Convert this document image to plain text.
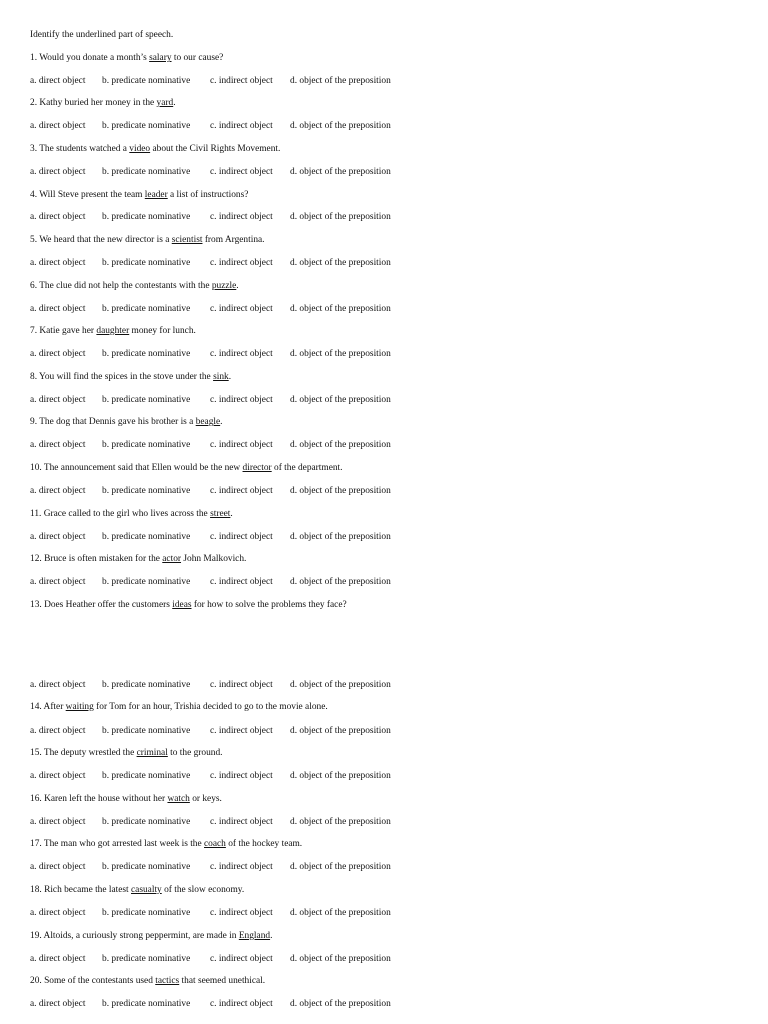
Identify the underlined part of speech.
1. Would you donate a month’s salary to our cause?
a. direct object b. predicate nominative c. indirect object d. object of the preposition
2. Kathy buried her money in the yard.
a. direct object b. predicate nominative c. indirect object d. object of the preposition
3. The students watched a video about the Civil Rights Movement.
a. direct object b. predicate nominative c. indirect object d. object of the preposition
4. Will Steve present the team leader a list of instructions?
a. direct object b. predicate nominative c. indirect object d. object of the preposition
5. We heard that the new director is a scientist from Argentina.
a. direct object b. predicate nominative c. indirect object d. object of the preposition
6. The clue did not help the contestants with the puzzle.
a. direct object b. predicate nominative c. indirect object d. object of the preposition
7. Katie gave her daughter money for lunch.
a. direct object b. predicate nominative c. indirect object d. object of the preposition
8. You will find the spices in the stove under the sink.
a. direct object b. predicate nominative c. indirect object d. object of the preposition
9. The dog that Dennis gave his brother is a beagle.
a. direct object b. predicate nominative c. indirect object d. object of the preposition
10. The announcement said that Ellen would be the new director of the department.
a. direct object b. predicate nominative c. indirect object d. object of the preposition
11. Grace called to the girl who lives across the street.
a. direct object b. predicate nominative c. indirect object d. object of the preposition
12. Bruce is often mistaken for the actor John Malkovich.
a. direct object b. predicate nominative c. indirect object d. object of the preposition
13. Does Heather offer the customers ideas for how to solve the problems they face?
a. direct object b. predicate nominative c. indirect object d. object of the preposition
14. After waiting for Tom for an hour, Trishia decided to go to the movie alone.
a. direct object b. predicate nominative c. indirect object d. object of the preposition
15. The deputy wrestled the criminal to the ground.
a. direct object b. predicate nominative c. indirect object d. object of the preposition
16. Karen left the house without her watch or keys.
a. direct object b. predicate nominative c. indirect object d. object of the preposition
17. The man who got arrested last week is the coach of the hockey team.
a. direct object b. predicate nominative c. indirect object d. object of the preposition
18. Rich became the latest casualty of the slow economy.
a. direct object b. predicate nominative c. indirect object d. object of the preposition
19. Altoids, a curiously strong peppermint, are made in England.
a. direct object b. predicate nominative c. indirect object d. object of the preposition
20. Some of the contestants used tactics that seemed unethical.
a. direct object b. predicate nominative c. indirect object d. object of the preposition
